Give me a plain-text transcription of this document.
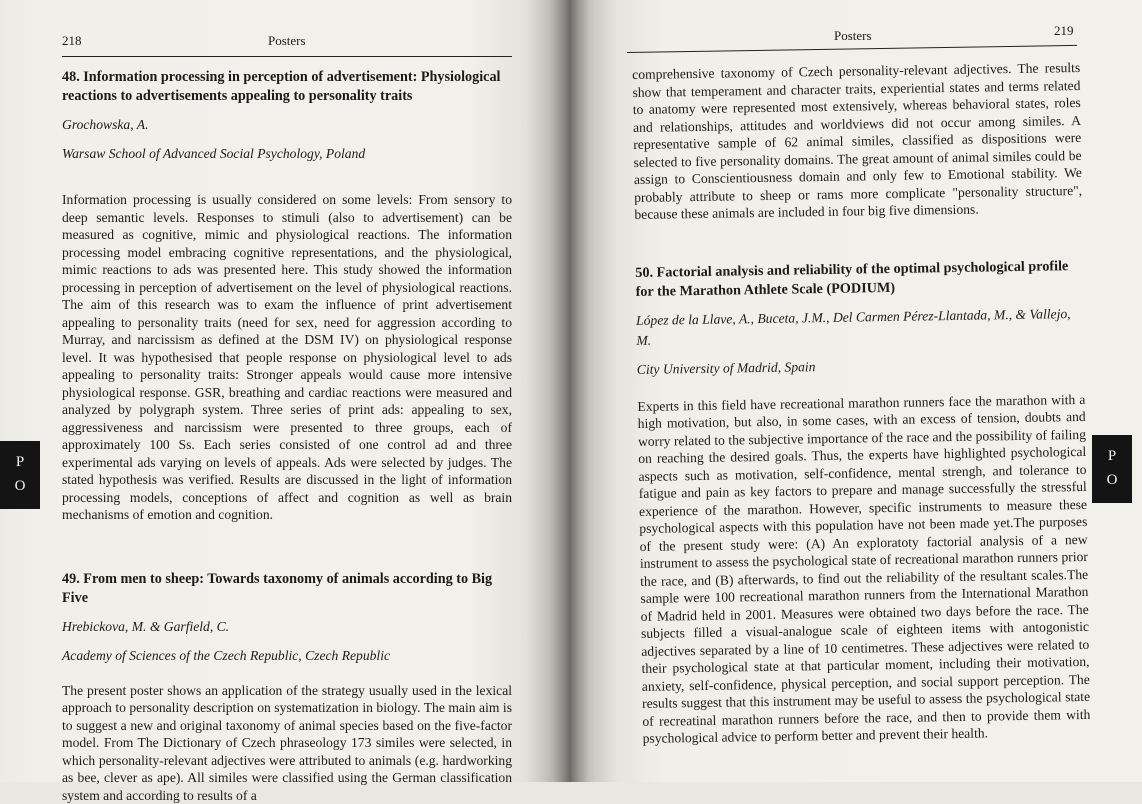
218	Posters

48. Information processing in perception of advertisement: Physiological reactions to advertisements appealing to personality traits

Grochowska, A.

Warsaw School of Advanced Social Psychology, Poland

Information processing is usually considered on some levels: From sensory to deep semantic levels. Responses to stimuli (also to advertisement) can be measured as cognitive, mimic and physiological reactions. The information processing model embracing cognitive representations, and the physiological, mimic reactions to ads was presented here. This study showed the information processing in perception of advertisement on the level of physiological reactions. The aim of this research was to exam the influence of print advertisement appealing to personality traits (need for sex, need for aggression according to Murray, and narcissism as defined at the DSM IV) on physiological response level. It was hypothesised that people response on physiological level to ads appealing to personality traits: Stronger appeals would cause more intensive physiological response. GSR, breathing and cardiac reactions were measured and analyzed by polygraph system. Three series of print ads: appealing to sex, aggressiveness and narcissism were presented to three groups, each of approximately 100 Ss. Each series consisted of one control ad and three experimental ads varying on levels of appeals. Ads were selected by judges. The stated hypothesis was verified. Results are discussed in the light of information processing models, conceptions of affect and cognition as well as brain mechanisms of emotion and cognition.

49. From men to sheep: Towards taxonomy of animals according to Big Five

Hrebickova, M. & Garfield, C.

Academy of Sciences of the Czech Republic, Czech Republic

The present poster shows an application of the strategy usually used in the lexical approach to personality description on systematization in biology. The main aim is to suggest a new and original taxonomy of animal species based on the five-factor model. From The Dictionary of Czech phraseology 173 similes were selected, in which personality-relevant adjectives were attributed to animals (e.g. hardworking as bee, clever as ape). All similes were classified using the German classification system and according to results of a

P
O
Posters	219
P
O

comprehensive taxonomy of Czech personality-relevant adjectives. The results show that temperament and character traits, experiential states and terms related to anatomy were represented most extensively, whereas behavioral states, roles and relationships, attitudes and worldviews did not occur among similes. A representative sample of 62 animal similes, classified as dispositions were selected to five personality domains. The great amount of animal similes could be assign to Conscientiousness domain and only few to Emotional stability. We probably attribute to sheep or rams more complicate "personality structure", because these animals are included in four big five dimensions.

50. Factorial analysis and reliability of the optimal psychological profile for the Marathon Athlete Scale (PODIUM)

López de la Llave, A., Buceta, J.M., Del Carmen Pérez-Llantada, M., & Vallejo, M.

City University of Madrid, Spain

Experts in this field have recreational marathon runners face the marathon with a high motivation, but also, in some cases, with an excess of tension, doubts and worry related to the subjective importance of the race and the possibility of failing on reaching the desired goals. Thus, the experts have highlighted psychological aspects such as motivation, self-confidence, mental strengh, and tolerance to fatigue and pain as key factors to prepare and manage successfully the stressful experience of the marathon. However, specific instruments to measure these psychological aspects with this population have not been made yet.The purposes of the present study were: (A) An exploratoty factorial analysis of a new instrument to assess the psychological state of recreational marathon runners prior the race, and (B) afterwards, to find out the reliability of the resultant scales.The sample were 100 recreational marathon runners from the International Marathon of Madrid held in 2001. Measures were obtained two days before the race. The subjects filled a visual-analogue scale of eighteen items with antogonistic adjectives separated by a line of 10 centimetres. These adjectives were related to their psychological state at that particular moment, including their motivation, anxiety, self-confidence, physical perception, and social support perception. The results suggest that this instrument may be useful to assess the psychological state of recreatinal marathon runners before the race, and then to provide them with psychological advice to perform better and prevent their health.
